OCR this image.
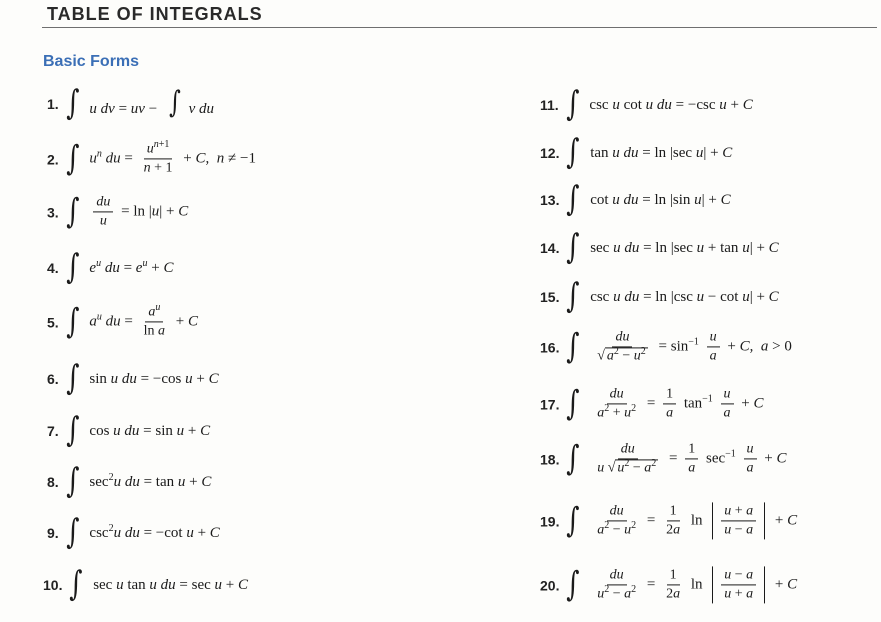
TABLE OF INTEGRALS
Basic Forms
1. ∫ u dv = uv − ∫ v du
2. ∫ $u^n$ du = $\frac{u^{n+1}}{n + 1} + C$,  n ≠ −1
3. ∫ $\frac{du}{u} = \ln |u| + C$
4. ∫ $e^u$ du = $e^u + C$
5. ∫ $a^u$ du = $\frac{a^u}{\text{ln a}} + C$
6. ∫ sin u du = −cos u + C
7. ∫ cos u du = sin u + C
8. ∫ $\sec^2u$ du = tan u + C
9. ∫ $\csc^2u$ du = −cot u + C
10. ∫ sec u tan u du = sec u + C
11. ∫ csc u cot u du = −csc u + C
12. ∫ tan u du = ln |sec u| + C
13. ∫ cot u du = ln |sin u| + C
14. ∫ sec u du = ln |sec u + tan u| + C
15. ∫ csc u du = ln |csc u − cot u| + C
16. ∫ $\frac{du}{√ a^2 - u^2} = \sin^{-1} \frac{u}{a} + C$,  a > 0
17. ∫ $\frac{du}{a^2 + u^2} = \frac{1}{a} \tan^{-1} \frac{u}{a} + C$
18. ∫ $\frac{du}{u √ u^2 - a^2} = \frac{1}{a} \sec^{-1} \frac{u}{a} + C$
19. ∫ $\frac{du}{a^2 - u^2} = \frac{1}{2a}$ $\ln \frac{u + a}{u - a} + C$
20. ∫ $\frac{du}{u^2 - a^2} = \frac{1}{2a}$ $\ln \frac{u - a}{u + a} + C$
